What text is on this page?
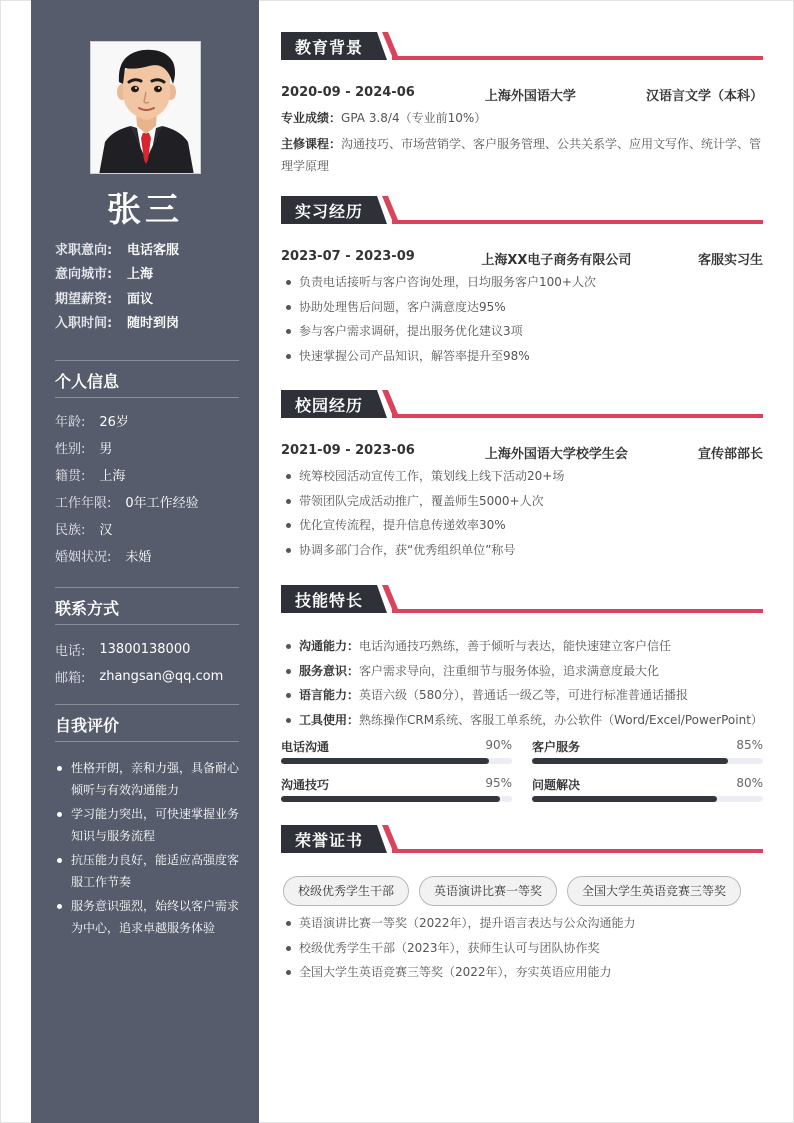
张三
求职意向:	电话客服
意向城市:	上海
期望薪资:	面议
入职时间:	随时到岗
个人信息
年龄: 26岁
性别: 男
籍贯: 上海
工作年限: 0年工作经验
民族: 汉
婚姻状况: 未婚
联系方式
电话: 13800138000
邮箱: zhangsan@qq.com
自我评价
性格开朗，亲和力强，具备耐心倾听与有效沟通能力
学习能力突出，可快速掌握业务知识与服务流程
抗压能力良好，能适应高强度客服工作节奏
服务意识强烈，始终以客户需求为中心，追求卓越服务体验
教育背景
2020-09 - 2024-06	上海外国语大学	汉语言文学（本科）
专业成绩：GPA 3.8/4（专业前10%）
主修课程：沟通技巧、市场营销学、客户服务管理、公共关系学、应用文写作、统计学、管理学原理
实习经历
2023-07 - 2023-09	上海XX电子商务有限公司	客服实习生
负责电话接听与客户咨询处理，日均服务客户100+人次
协助处理售后问题，客户满意度达95%
参与客户需求调研，提出服务优化建议3项
快速掌握公司产品知识，解答率提升至98%
校园经历
2021-09 - 2023-06	上海外国语大学校学生会	宣传部部长
统筹校园活动宣传工作，策划线上线下活动20+场
带领团队完成活动推广，覆盖师生5000+人次
优化宣传流程，提升信息传递效率30%
协调多部门合作，获“优秀组织单位”称号
技能特长
沟通能力：电话沟通技巧熟练，善于倾听与表达，能快速建立客户信任
服务意识：客户需求导向，注重细节与服务体验，追求满意度最大化
语言能力：英语六级（580分），普通话一级乙等，可进行标准普通话播报
工具使用：熟练操作CRM系统、客服工单系统，办公软件（Word/Excel/PowerPoint）
电话沟通	90% 客户服务	85%
沟通技巧	95% 问题解决	80%
荣誉证书
校级优秀学生干部	英语演讲比赛一等奖	全国大学生英语竞赛三等奖
英语演讲比赛一等奖（2022年），提升语言表达与公众沟通能力
校级优秀学生干部（2023年），获师生认可与团队协作奖
全国大学生英语竞赛三等奖（2022年），夯实英语应用能力
